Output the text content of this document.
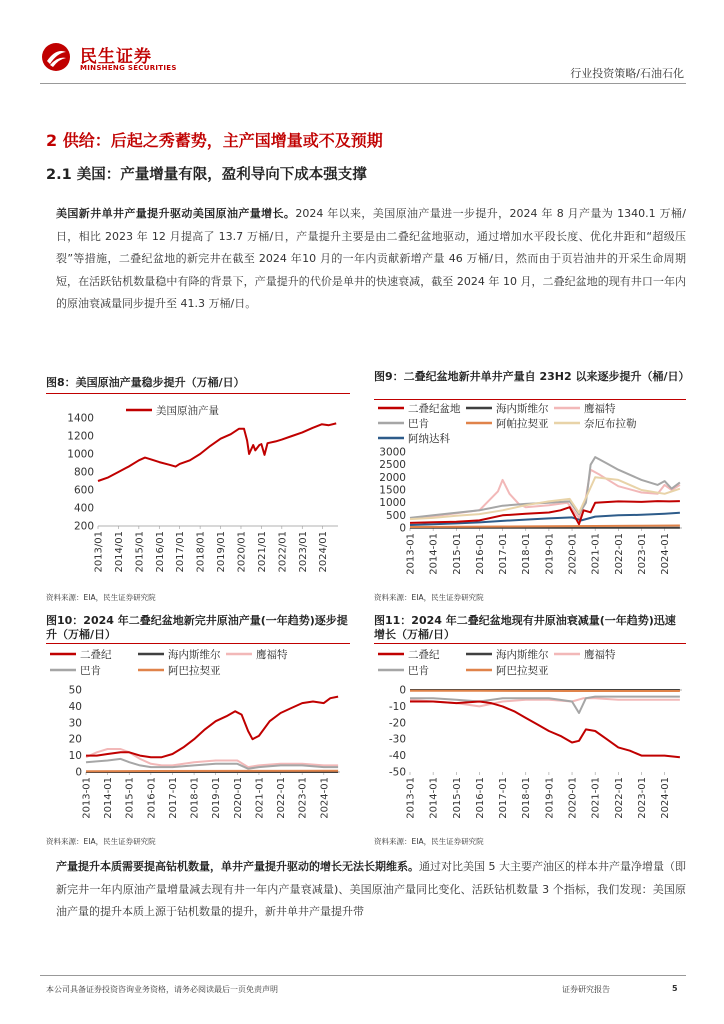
民生证券
MINSHENG SECURITIES	行业投资策略/石油石化
2 供给：后起之秀蓄势，主产国增量或不及预期
2.1 美国：产量增量有限，盈利导向下成本强支撑
美国新井单井产量提升驱动美国原油产量增长。2024 年以来，美国原油产量进一步提升，2024 年 8 月产量为 1340.1 万桶/日，相比 2023 年 12 月提高了 13.7 万桶/日，产量提升主要是由二叠纪盆地驱动，通过增加水平段长度、优化井距和“超级压裂”等措施，二叠纪盆地的新完井在截至 2024 年10 月的一年内贡献新增产量 46 万桶/日，然而由于页岩油井的开采生命周期短，在活跃钻机数量稳中有降的背景下，产量提升的代价是单井的快速衰减，截至 2024 年 10 月，二叠纪盆地的现有井口一年内的原油衰减量同步提升至 41.3 万桶/日。
图8：美国原油产量稳步提升（万桶/日）	图9：二叠纪盆地新井单井产量自 23H2 以来逐步提升（桶/日）
资料来源：EIA，民生证券研究院	资料来源：EIA，民生证券研究院
图10：2024 年二叠纪盆地新完井原油产量(一年趋势)逐步提升（万桶/日）
图11：2024 年二叠纪盆地现有井原油衰减量(一年趋势)迅速增长（万桶/日）
资料来源：EIA，民生证券研究院	资料来源：EIA，民生证券研究院
1400
1200
1000
800
600
400
200
2013/01 2014/01 2015/01 2016/01 2017/01 2018/01 2019/01 2020/01 2021/01 2022/01 2023/01 2024/01
美国原油产量
3000
2500
2000
1500
1000
500
0
2013-01 2014-01 2015-01 2016-01 2017-01 2018-01 2019-01 2020-01 2021-01 2022-01 2023-01 2024-01
二叠纪盆地	海内斯维尔	鹰福特
巴肯	阿帕拉契亚	奈厄布拉勒
阿纳达科
50
40
30
20
10
0
2013-01 2014-01 2015-01 2016-01 2017-01 2018-01 2019-01 2020-01 2021-01 2022-01 2023-01 2024-01
二叠纪	海内斯维尔	鹰福特
巴肯	阿巴拉契亚
0
-10
-20
-30
-40
-50
2013-01 2014-01 2015-01 2016-01 2017-01 2018-01 2019-01 2020-01 2021-01 2022-01 2023-01 2024-01
二叠纪	海内斯维尔	鹰福特
巴肯	阿巴拉契亚
产量提升本质需要提高钻机数量，单井产量提升驱动的增长无法长期维系。通过对比美国 5 大主要产油区的样本井产量净增量（即新完井一年内原油产量增量减去现有井一年内产量衰减量)、美国原油产量同比变化、活跃钻机数量 3 个指标，我们发现：美国原油产量的提升本质上源于钻机数量的提升，新井单井产量提升带
本公司具备证券投资咨询业务资格，请务必阅读最后一页免责声明	证券研究报告	5
